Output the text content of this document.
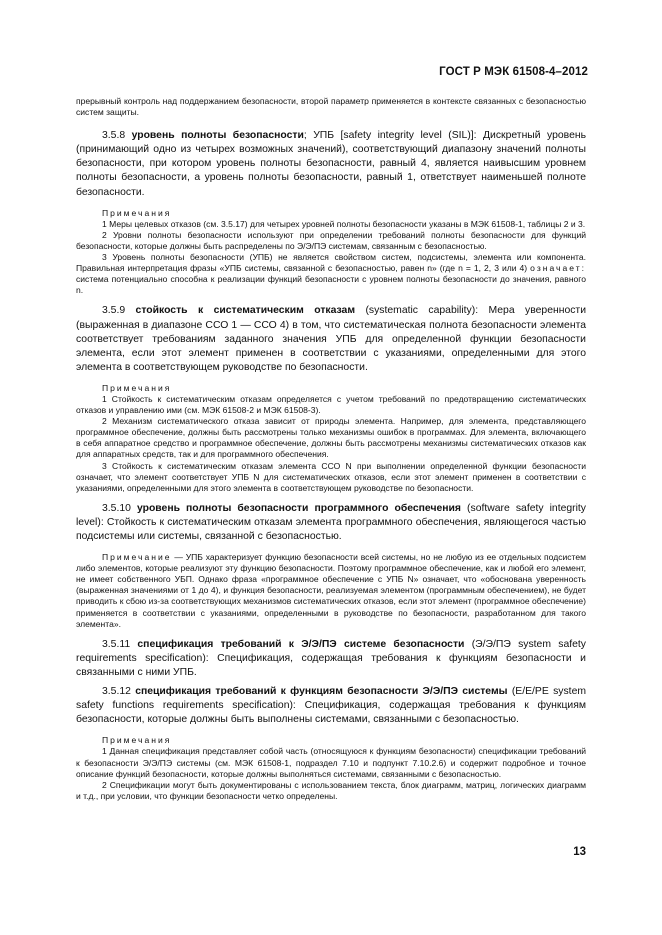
ГОСТ Р МЭК 61508-4–2012

прерывный контроль над поддержанием безопасности, второй параметр применяется в контексте связанных с безопасностью систем защиты.

3.5.8 уровень полноты безопасности; УПБ [safety integrity level (SIL)]: Дискретный уровень (принимающий одно из четырех возможных значений), соответствующий диапазону значений полноты безопасности, при котором уровень полноты безопасности, равный 4, является наивысшим уровнем полноты безопасности, а уровень полноты безопасности, равный 1, ответствует наименьшей полноте безопасности.

Примечания

1 Меры целевых отказов (см. 3.5.17) для четырех уровней полноты безопасности указаны в МЭК 61508-1, таблицы 2 и 3.

2 Уровни полноты безопасности используют при определении требований полноты безопасности для функций безопасности, которые должны быть распределены по Э/Э/ПЭ системам, связанным с безопасностью.

3 Уровень полноты безопасности (УПБ) не является свойством систем, подсистемы, элемента или компонента. Правильная интерпретация фразы «УПБ системы, связанной с безопасностью, равен n» (где n = 1, 2, 3 или 4) означает: система потенциально способна к реализации функций безопасности с уровнем полноты безопасности до значения, равного n.

3.5.9 стойкость к систематическим отказам (systematic capability): Мера уверенности (выраженная в диапазоне ССО 1 — ССО 4) в том, что систематическая полнота безопасности элемента соответствует требованиям заданного значения УПБ для определенной функции безопасности элемента, если этот элемент применен в соответствии с указаниями, определенными для этого элемента в соответствующем руководстве по безопасности.

Примечания

1 Стойкость к систематическим отказам определяется с учетом требований по предотвращению систематических отказов и управлению ими (см. МЭК 61508-2 и МЭК 61508-3).

2 Механизм систематического отказа зависит от природы элемента. Например, для элемента, представляющего программное обеспечение, должны быть рассмотрены только механизмы ошибок в программах. Для элемента, включающего в себя аппаратное средство и программное обеспечение, должны быть рассмотрены механизмы систематических отказов как для аппаратных средств, так и для программного обеспечения.

3 Стойкость к систематическим отказам элемента ССО N при выполнении определенной функции безопасности означает, что элемент соответствует УПБ N для систематических отказов, если этот элемент применен в соответствии с указаниями, определенными для этого элемента в соответствующем руководстве по безопасности.

3.5.10 уровень полноты безопасности программного обеспечения (software safety integrity level): Стойкость к систематическим отказам элемента программного обеспечения, являющегося частью подсистемы или системы, связанной с безопасностью.

Примечание — УПБ характеризует функцию безопасности всей системы, но не любую из ее отдельных подсистем либо элементов, которые реализуют эту функцию безопасности. Поэтому программное обеспечение, как и любой его элемент, не имеет собственного УБП. Однако фраза «программное обеспечение с УПБ N» означает, что «обоснована уверенность (выраженная значениями от 1 до 4), и функция безопасности, реализуемая элементом (программным обеспечением), не будет приводить к сбою из-за соответствующих механизмов систематических отказов, если этот элемент (программное обеспечение) применяется в соответствии с указаниями, определенными в руководстве по безопасности, разработанном для такого элемента».

3.5.11 спецификация требований к Э/Э/ПЭ системе безопасности (Э/Э/ПЭ system safety requirements specification): Спецификация, содержащая требования к функциям безопасности и связанными с ними УПБ.

3.5.12 спецификация требований к функциям безопасности Э/Э/ПЭ системы (E/E/PE system safety functions requirements specification): Спецификация, содержащая требования к функциям безопасности, которые должны быть выполнены системами, связанными с безопасностью.

Примечания

1 Данная спецификация представляет собой часть (относящуюся к функциям безопасности) спецификации требований к безопасности Э/Э/ПЭ системы (см. МЭК 61508-1, подраздел 7.10 и подпункт 7.10.2.6) и содержит подробное и точное описание функций безопасности, которые должны выполняться системами, связанными с безопасностью.

2 Спецификации могут быть документированы с использованием текста, блок диаграмм, матриц, логических диаграмм и т.д., при условии, что функции безопасности четко определены.

13
